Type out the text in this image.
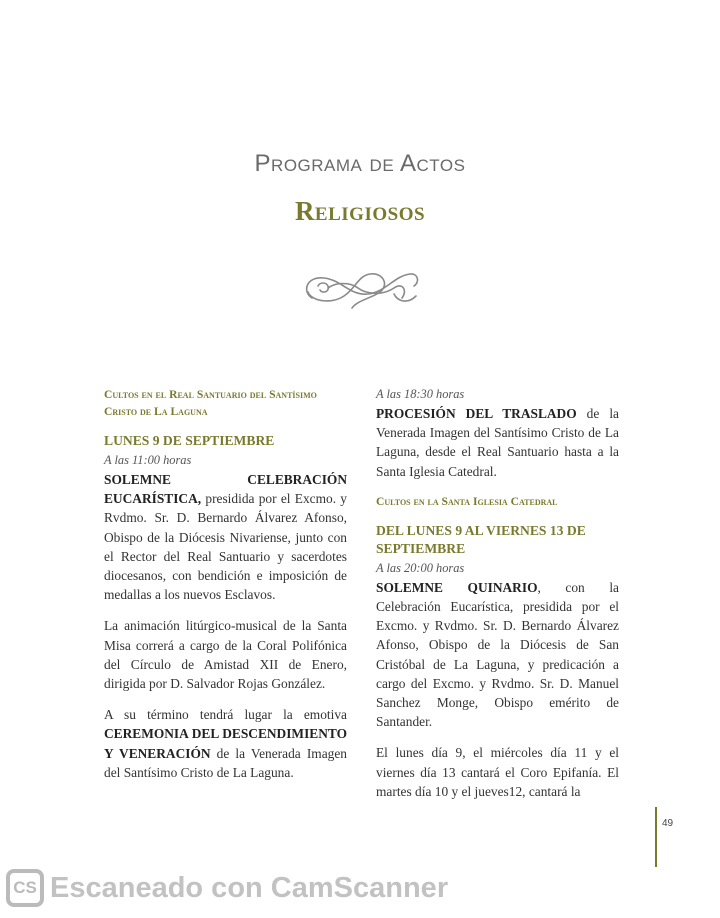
Programa de Actos
Religiosos
Cultos en el Real Santuario del Santísimo Cristo de La Laguna
LUNES 9 DE SEPTIEMBRE
A las 11:00 horas

SOLEMNE CELEBRACIÓN EUCARÍSTICA, presidida por el Excmo. y Rvdmo. Sr. D. Bernardo Álvarez Afonso, Obispo de la Diócesis Nivariense, junto con el Rector del Real Santuario y sacerdotes diocesanos, con bendición e imposición de medallas a los nuevos Esclavos.

La animación litúrgico-musical de la Santa Misa correrá a cargo de la Coral Polifónica del Círculo de Amistad XII de Enero, dirigida por D. Salvador Rojas González.

A su término tendrá lugar la emotiva CEREMONIA DEL DESCENDIMIENTO Y VENERACIÓN de la Venerada Imagen del Santísimo Cristo de La Laguna.

A las 18:30 horas

PROCESIÓN DEL TRASLADO de la Venerada Imagen del Santísimo Cristo de La Laguna, desde el Real Santuario hasta a la Santa Iglesia Catedral.

Cultos en la Santa Iglesia Catedral
DEL LUNES 9 AL VIERNES 13 DE SEPTIEMBRE
A las 20:00 horas

SOLEMNE QUINARIO, con la Celebración Eucarística, presidida por el Excmo. y Rvdmo. Sr. D. Bernardo Álvarez Afonso, Obispo de la Diócesis de San Cristóbal de La Laguna, y predicación a cargo del Excmo. y Rvdmo. Sr. D. Manuel Sanchez Monge, Obispo emérito de Santander.

El lunes día 9, el miércoles día 11 y el viernes día 13 cantará el Coro Epifanía. El martes día 10 y el jueves12, cantará la

49
CS Escaneado con CamScanner
